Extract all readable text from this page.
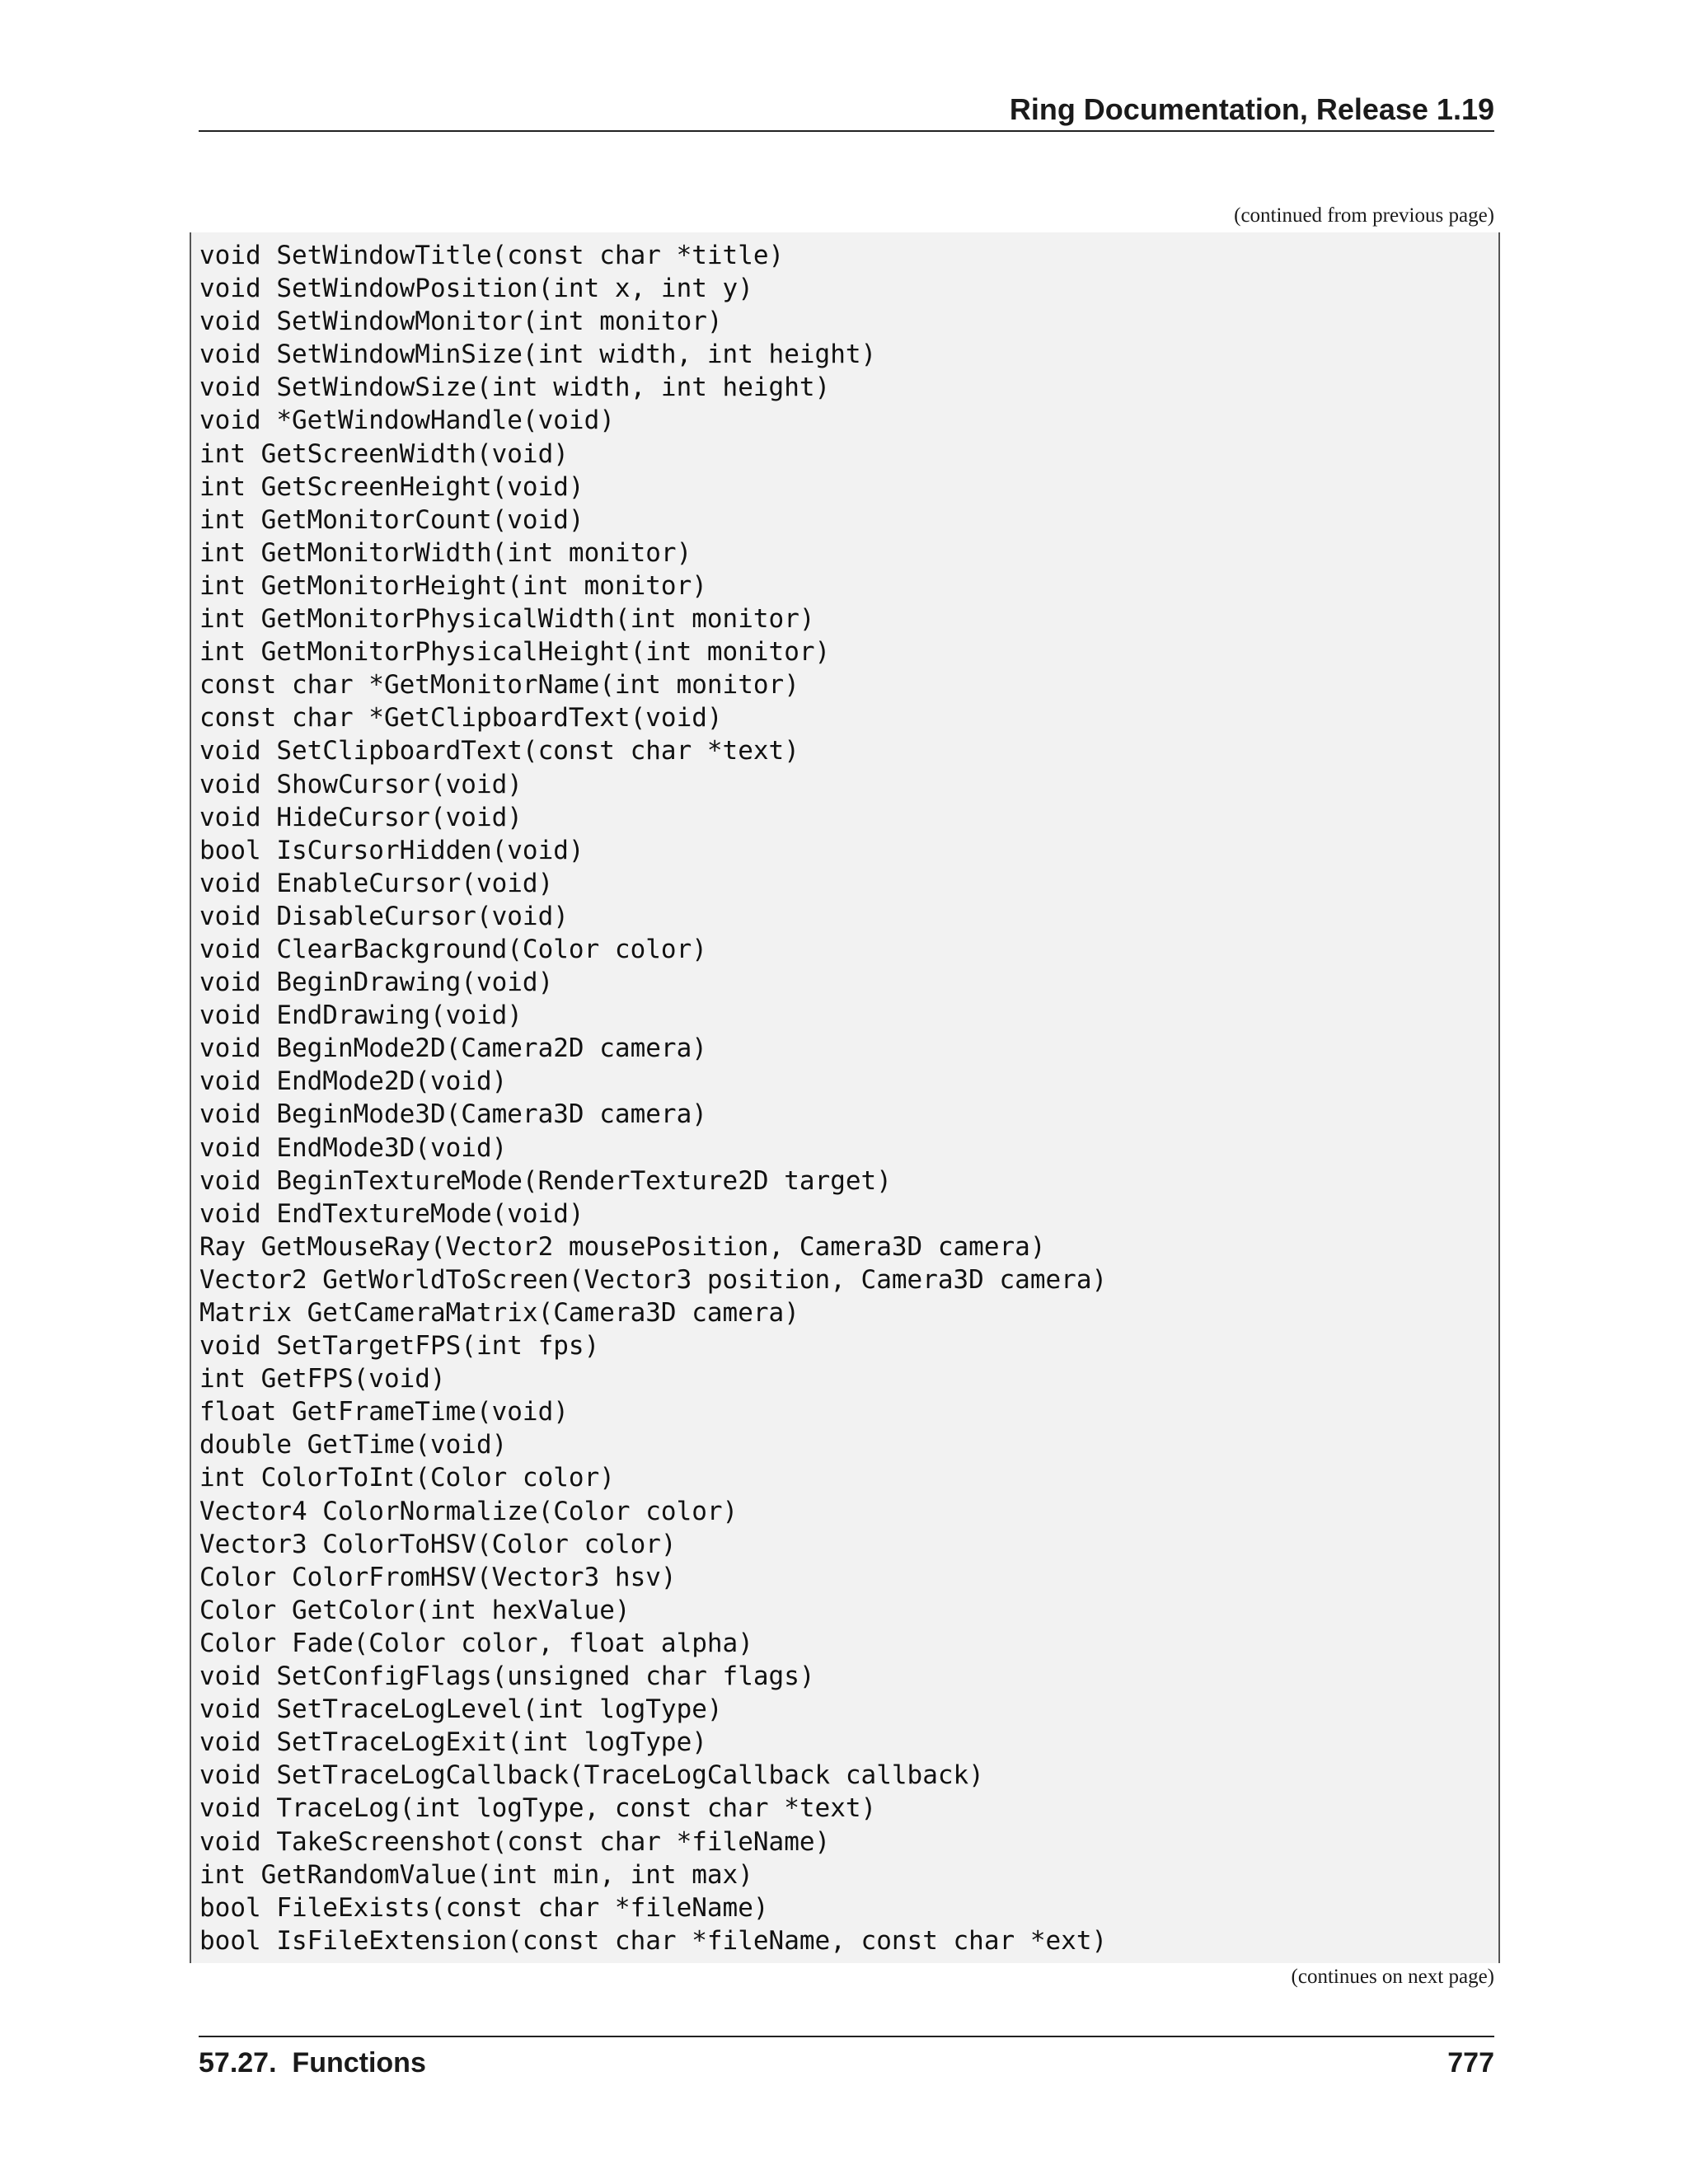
Ring Documentation, Release 1.19
(continued from previous page)
void SetWindowTitle(const char *title)
void SetWindowPosition(int x, int y)
void SetWindowMonitor(int monitor)
void SetWindowMinSize(int width, int height)
void SetWindowSize(int width, int height)
void *GetWindowHandle(void)
int GetScreenWidth(void)
int GetScreenHeight(void)
int GetMonitorCount(void)
int GetMonitorWidth(int monitor)
int GetMonitorHeight(int monitor)
int GetMonitorPhysicalWidth(int monitor)
int GetMonitorPhysicalHeight(int monitor)
const char *GetMonitorName(int monitor)
const char *GetClipboardText(void)
void SetClipboardText(const char *text)
void ShowCursor(void)
void HideCursor(void)
bool IsCursorHidden(void)
void EnableCursor(void)
void DisableCursor(void)
void ClearBackground(Color color)
void BeginDrawing(void)
void EndDrawing(void)
void BeginMode2D(Camera2D camera)
void EndMode2D(void)
void BeginMode3D(Camera3D camera)
void EndMode3D(void)
void BeginTextureMode(RenderTexture2D target)
void EndTextureMode(void)
Ray GetMouseRay(Vector2 mousePosition, Camera3D camera)
Vector2 GetWorldToScreen(Vector3 position, Camera3D camera)
Matrix GetCameraMatrix(Camera3D camera)
void SetTargetFPS(int fps)
int GetFPS(void)
float GetFrameTime(void)
double GetTime(void)
int ColorToInt(Color color)
Vector4 ColorNormalize(Color color)
Vector3 ColorToHSV(Color color)
Color ColorFromHSV(Vector3 hsv)
Color GetColor(int hexValue)
Color Fade(Color color, float alpha)
void SetConfigFlags(unsigned char flags)
void SetTraceLogLevel(int logType)
void SetTraceLogExit(int logType)
void SetTraceLogCallback(TraceLogCallback callback)
void TraceLog(int logType, const char *text)
void TakeScreenshot(const char *fileName)
int GetRandomValue(int min, int max)
bool FileExists(const char *fileName)
bool IsFileExtension(const char *fileName, const char *ext)
(continues on next page)
57.27.  Functions	777
